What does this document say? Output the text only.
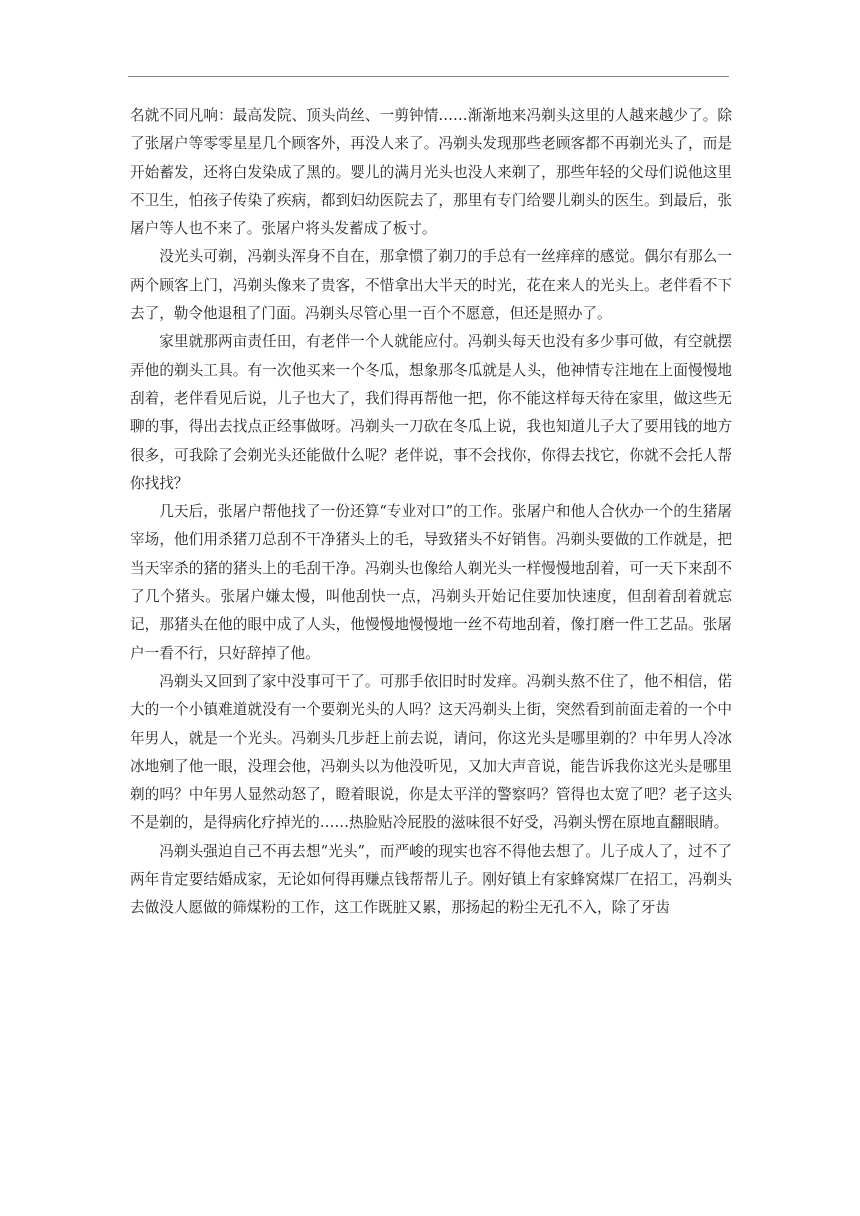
名就不同凡响：最高发院、顶头尚丝、一剪钟情……渐渐地来冯剃头这里的人越来越少了。除了张屠户等零零星星几个顾客外，再没人来了。冯剃头发现那些老顾客都不再剃光头了，而是开始蓄发，还将白发染成了黑的。婴儿的满月光头也没人来剃了，那些年轻的父母们说他这里不卫生，怕孩子传染了疾病，都到妇幼医院去了，那里有专门给婴儿剃头的医生。到最后，张屠户等人也不来了。张屠户将头发蓄成了板寸。

没光头可剃，冯剃头浑身不自在，那拿惯了剃刀的手总有一丝痒痒的感觉。偶尔有那么一两个顾客上门，冯剃头像来了贵客，不惜拿出大半天的时光，花在来人的光头上。老伴看不下去了，勒令他退租了门面。冯剃头尽管心里一百个不愿意，但还是照办了。

家里就那两亩责任田，有老伴一个人就能应付。冯剃头每天也没有多少事可做，有空就摆弄他的剃头工具。有一次他买来一个冬瓜，想象那冬瓜就是人头，他神情专注地在上面慢慢地刮着，老伴看见后说，儿子也大了，我们得再帮他一把，你不能这样每天待在家里，做这些无聊的事，得出去找点正经事做呀。冯剃头一刀砍在冬瓜上说，我也知道儿子大了要用钱的地方很多，可我除了会剃光头还能做什么呢？老伴说，事不会找你，你得去找它，你就不会托人帮你找找？

几天后，张屠户帮他找了一份还算“专业对口”的工作。张屠户和他人合伙办一个的生猪屠宰场，他们用杀猪刀总刮不干净猪头上的毛，导致猪头不好销售。冯剃头要做的工作就是，把当天宰杀的猪的猪头上的毛刮干净。冯剃头也像给人剃光头一样慢慢地刮着，可一天下来刮不了几个猪头。张屠户嫌太慢，叫他刮快一点，冯剃头开始记住要加快速度，但刮着刮着就忘记，那猪头在他的眼中成了人头，他慢慢地慢慢地一丝不苟地刮着，像打磨一件工艺品。张屠户一看不行，只好辞掉了他。

冯剃头又回到了家中没事可干了。可那手依旧时时发痒。冯剃头熬不住了，他不相信，偌大的一个小镇难道就没有一个要剃光头的人吗？这天冯剃头上街，突然看到前面走着的一个中年男人，就是一个光头。冯剃头几步赶上前去说，请问，你这光头是哪里剃的？中年男人冷冰冰地剜了他一眼，没理会他，冯剃头以为他没听见，又加大声音说，能告诉我你这光头是哪里剃的吗？中年男人显然动怒了，瞪着眼说，你是太平洋的警察吗？管得也太宽了吧？老子这头不是剃的，是得病化疗掉光的……热脸贴冷屁股的滋味很不好受，冯剃头愣在原地直翻眼睛。

冯剃头强迫自己不再去想“光头”，而严峻的现实也容不得他去想了。儿子成人了，过不了两年肯定要结婚成家，无论如何得再赚点钱帮帮儿子。刚好镇上有家蜂窝煤厂在招工，冯剃头去做没人愿做的筛煤粉的工作，这工作既脏又累，那扬起的粉尘无孔不入，除了牙齿
